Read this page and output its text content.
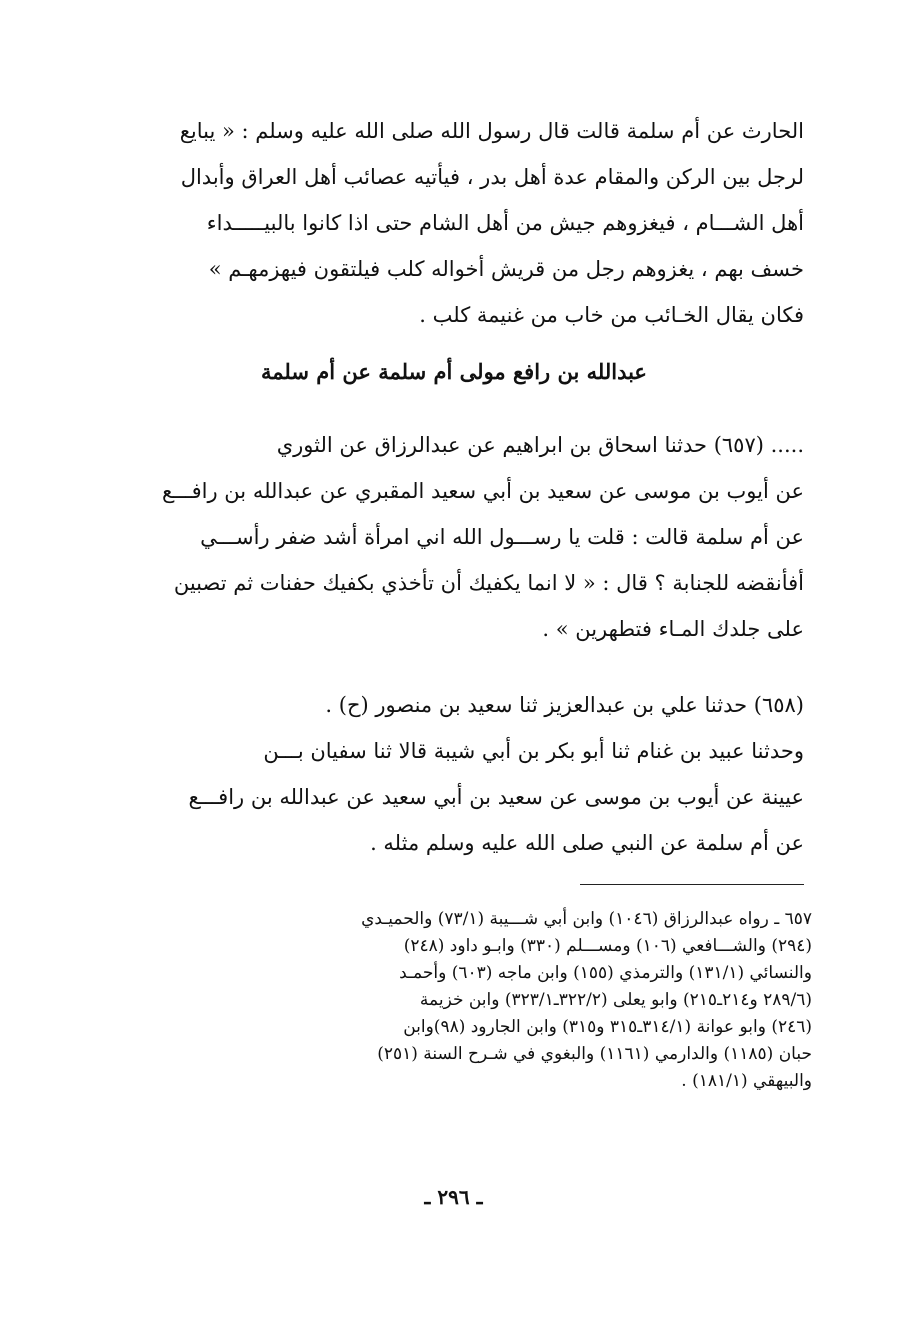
الحارث عن أم سلمة قالت قال رسول الله صلى الله عليه وسلم : « يبايع
لرجل بين الركن والمقام عدة أهل بدر ، فيأتيه عصائب أهل العراق وأبدال
أهل الشـــام ، فيغزوهم جيش من أهل الشام حتى اذا كانوا بالبيـــــداء
خسف بهم ، يغزوهم رجل من قريش أخواله كلب فيلتقون فيهزمهـم »
فكان يقال الخـائب من خاب من غنيمة كلب .
عبدالله بن رافع مولى أم سلمة عن أم سلمة
..... (٦٥٧) حدثنا اسحاق بن ابراهيم عن عبدالرزاق عن الثوري
عن أيوب بن موسى عن سعيد بن أبي سعيد المقبري عن عبدالله بن رافـــع
عن أم سلمة قالت : قلت يا رســـول الله اني امرأة أشد ضفر رأســـي
أفأنقضه للجنابة ؟ قال : « لا انما يكفيك أن تأخذي بكفيك حفنات ثم تصبين
على جلدك المـاء فتطهرين » .
(٦٥٨) حدثنا علي بن عبدالعزيز ثنا سعيد بن منصور (ح) .
وحدثنا عبيد بن غنام ثنا أبو بكر بن أبي شيبة قالا ثنا سفيان بـــن
عيينة عن أيوب بن موسى عن سعيد بن أبي سعيد عن عبدالله بن رافـــع
عن أم سلمة عن النبي صلى الله عليه وسلم مثله .
٦٥٧ ـ رواه عبدالرزاق (١٠٤٦) وابن أبي شـــيبة (٧٣/١) والحميـدي
(٢٩٤) والشـــافعي (١٠٦) ومســـلم (٣٣٠) وابـو داود (٢٤٨)
والنسائي (١٣١/١) والترمذي (١٥٥) وابن ماجه (٦٠٣) وأحمـد
(٢٨٩/٦ و٢١٤ـ٢١٥) وابو يعلى (٣٢٢/٢ـ٣٢٣/١) وابن خزيمة
(٢٤٦) وابو عوانة (٣١٤/١ـ٣١٥ و٣١٥) وابن الجارود (٩٨)وابن
حبان (١١٨٥) والدارمي (١١٦١) والبغوي في شـرح السنة (٢٥١)
والبيهقي (١٨١/١) .
ـ ٢٩٦ ـ
